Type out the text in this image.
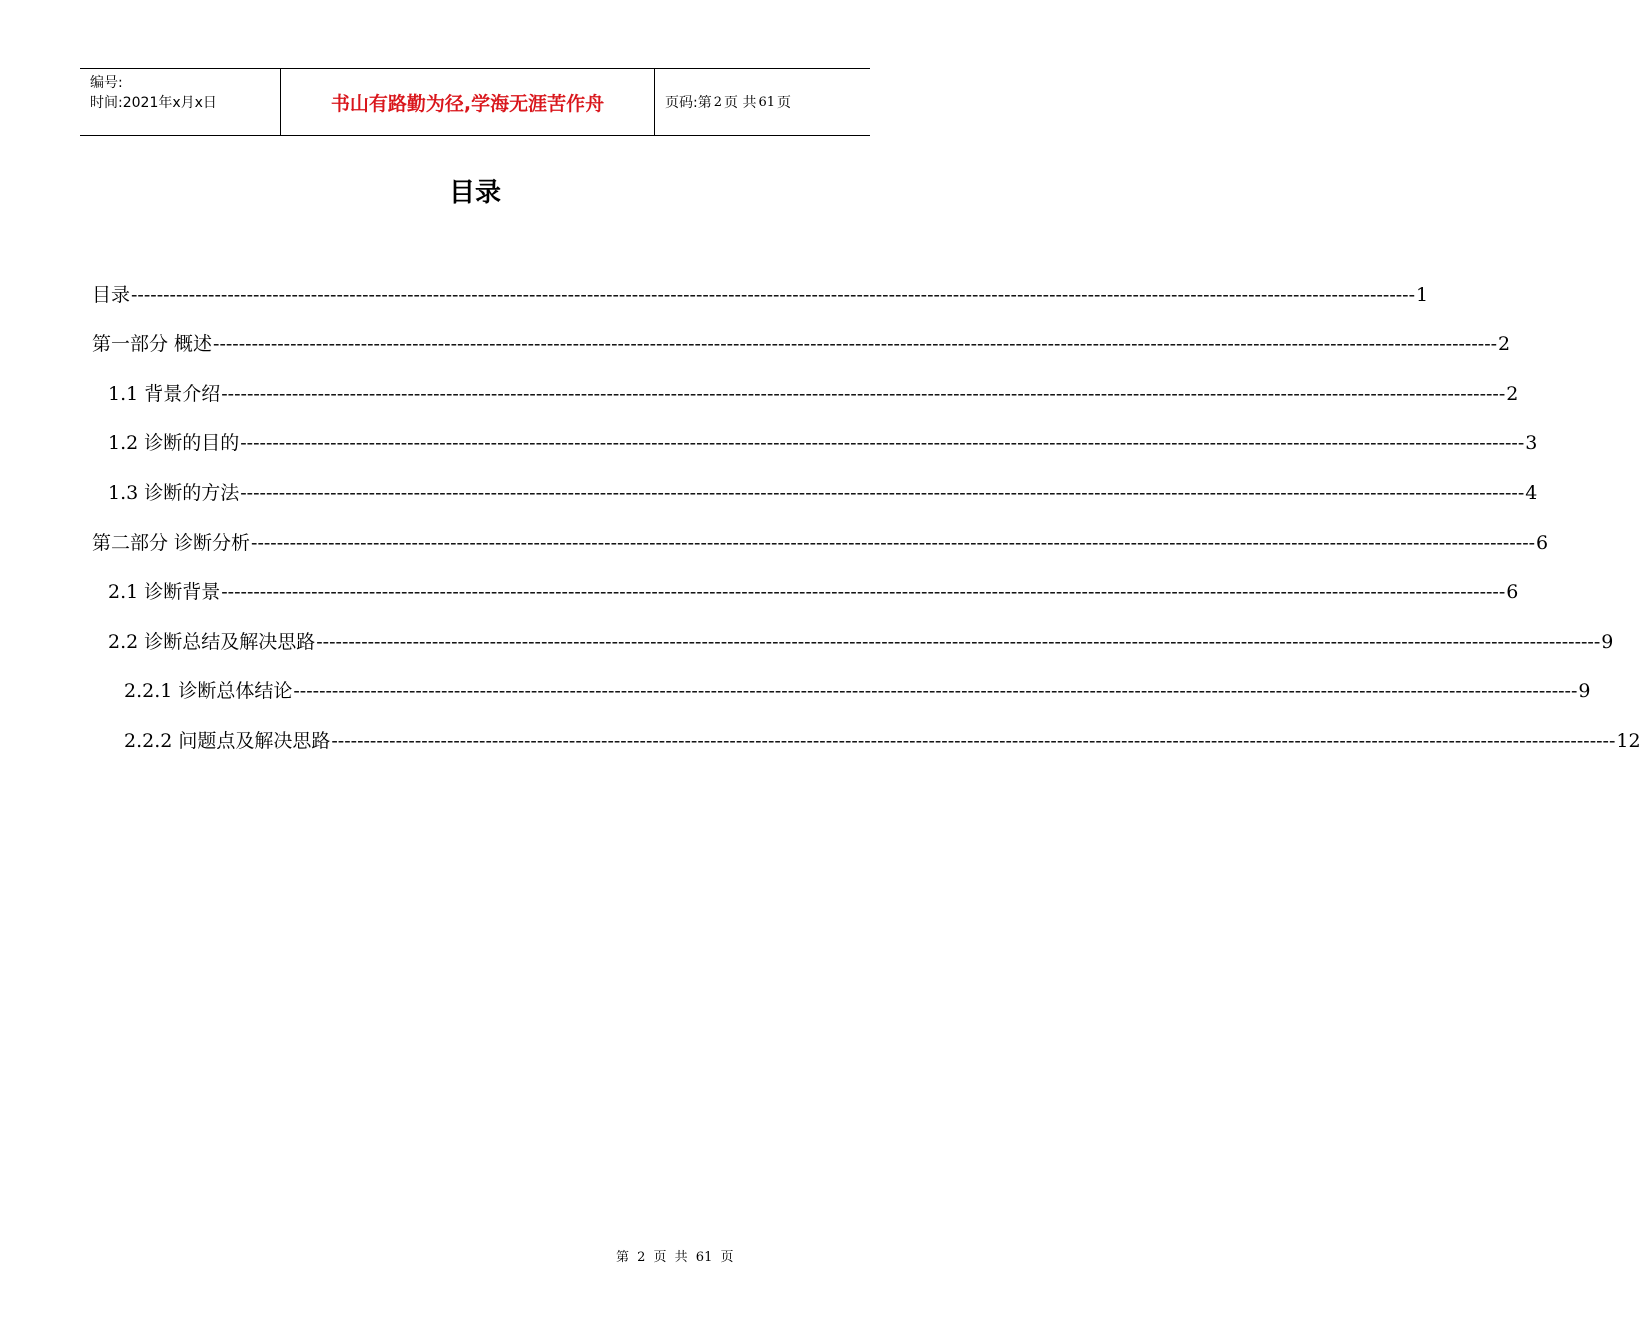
编号:
时间:2021年x月x日	书山有路勤为径,学海无涯苦作舟	页码:第 2 页 共 61 页
目录
目录 -------------------------------------------------------------------------------------------------------------------------------------------------------------------------------------------------------- 1
第一部分 概述 -------------------------------------------------------------------------------------------------------------------------------------------------------------------------------------------------------- 2
1.1 背景介绍 -------------------------------------------------------------------------------------------------------------------------------------------------------------------------------------------------------- 2
1.2 诊断的目的 -------------------------------------------------------------------------------------------------------------------------------------------------------------------------------------------------------- 3
1.3 诊断的方法 -------------------------------------------------------------------------------------------------------------------------------------------------------------------------------------------------------- 4
第二部分 诊断分析 -------------------------------------------------------------------------------------------------------------------------------------------------------------------------------------------------------- 6
2.1 诊断背景 -------------------------------------------------------------------------------------------------------------------------------------------------------------------------------------------------------- 6
2.2 诊断总结及解决思路 -------------------------------------------------------------------------------------------------------------------------------------------------------------------------------------------------------- 9
2.2.1 诊断总体结论 -------------------------------------------------------------------------------------------------------------------------------------------------------------------------------------------------------- 9
2.2.2 问题点及解决思路 -------------------------------------------------------------------------------------------------------------------------------------------------------------------------------------------------------- 12
第 2 页 共 61 页
